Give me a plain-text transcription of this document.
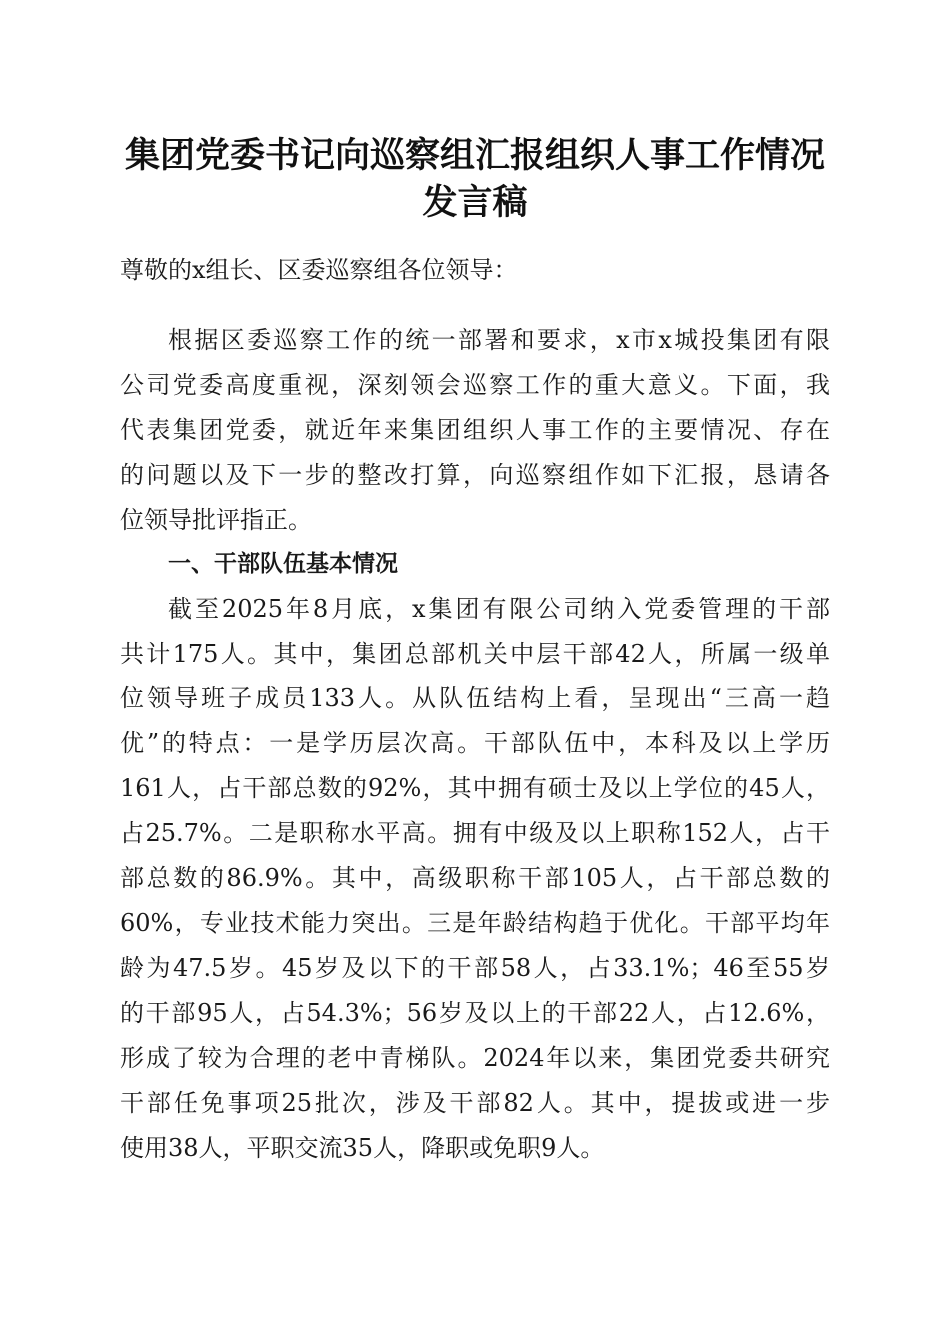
集团党委书记向巡察组汇报组织人事工作情况
发言稿
尊敬的x组长、区委巡察组各位领导：
根据区委巡察工作的统一部署和要求，x市x城投集团有限
公司党委高度重视，深刻领会巡察工作的重大意义。下面，我
代表集团党委，就近年来集团组织人事工作的主要情况、存在
的问题以及下一步的整改打算，向巡察组作如下汇报，恳请各
位领导批评指正。
一、干部队伍基本情况
截至2025年8月底，x集团有限公司纳入党委管理的干部
共计175人。其中，集团总部机关中层干部42人，所属一级单
位领导班子成员133人。从队伍结构上看，呈现出“三高一趋
优”的特点：一是学历层次高。干部队伍中，本科及以上学历
161人，占干部总数的92%，其中拥有硕士及以上学位的45人，
占25.7%。二是职称水平高。拥有中级及以上职称152人，占干
部总数的86.9%。其中，高级职称干部105人，占干部总数的
60%，专业技术能力突出。三是年龄结构趋于优化。干部平均年
龄为47.5岁。45岁及以下的干部58人，占33.1%；46至55岁
的干部95人，占54.3%；56岁及以上的干部22人，占12.6%，
形成了较为合理的老中青梯队。2024年以来，集团党委共研究
干部任免事项25批次，涉及干部82人。其中，提拔或进一步
使用38人，平职交流35人，降职或免职9人。
